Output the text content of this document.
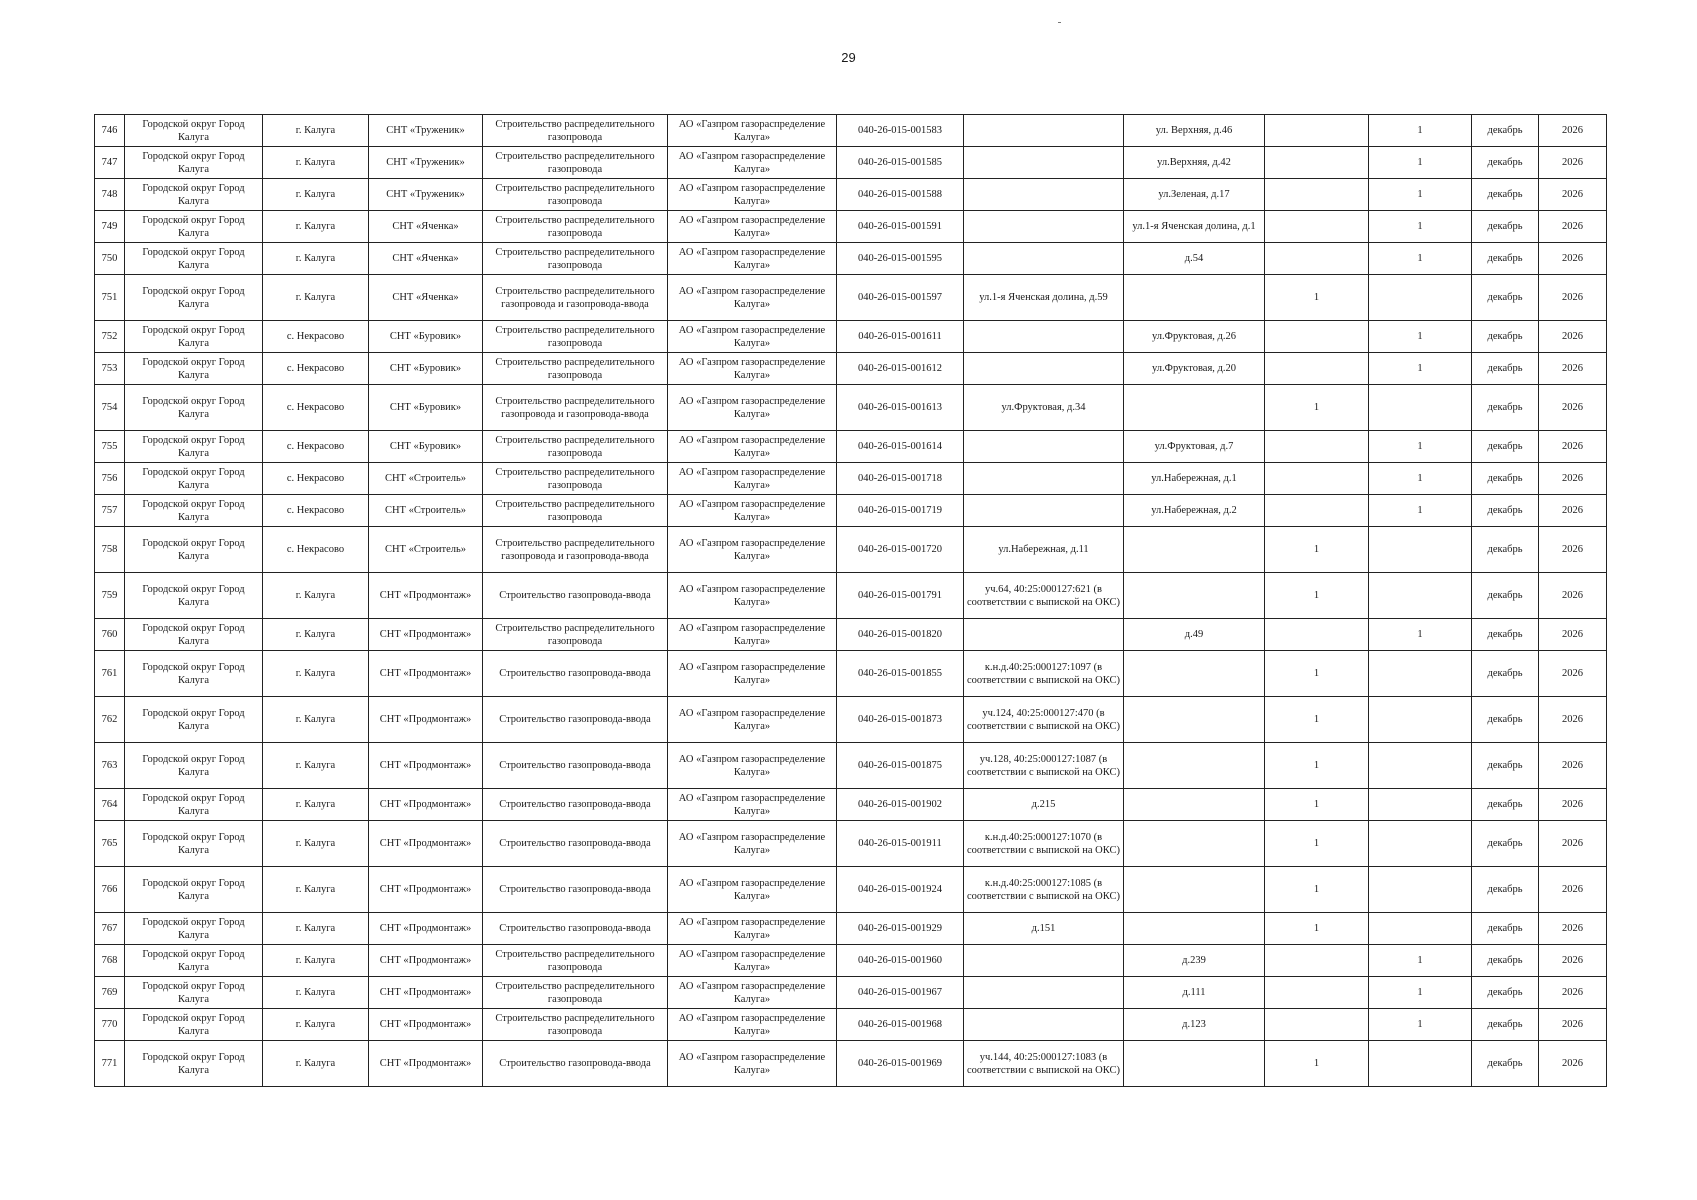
29
746	Городской округ Город Калуга	г. Калуга	СНТ «Труженик»	Строительство распределительного газопровода	АО «Газпром газораспределение Калуга»	040-26-015-001583		ул. Верхняя, д.46		1	декабрь	2026
747	Городской округ Город Калуга	г. Калуга	СНТ «Труженик»	Строительство распределительного газопровода	АО «Газпром газораспределение Калуга»	040-26-015-001585		ул.Верхняя, д.42		1	декабрь	2026
748	Городской округ Город Калуга	г. Калуга	СНТ «Труженик»	Строительство распределительного газопровода	АО «Газпром газораспределение Калуга»	040-26-015-001588		ул.Зеленая, д.17		1	декабрь	2026
749	Городской округ Город Калуга	г. Калуга	СНТ «Яченка»	Строительство распределительного газопровода	АО «Газпром газораспределение Калуга»	040-26-015-001591		ул.1-я Яченская долина, д.1		1	декабрь	2026
750	Городской округ Город Калуга	г. Калуга	СНТ «Яченка»	Строительство распределительного газопровода	АО «Газпром газораспределение Калуга»	040-26-015-001595		д.54		1	декабрь	2026
751	Городской округ Город Калуга	г. Калуга	СНТ «Яченка»	Строительство распределительного газопровода и газопровода-ввода	АО «Газпром газораспределение Калуга»	040-26-015-001597	ул.1-я Яченская долина, д.59		1		декабрь	2026
752	Городской округ Город Калуга	с. Некрасово	СНТ «Буровик»	Строительство распределительного газопровода	АО «Газпром газораспределение Калуга»	040-26-015-001611		ул.Фруктовая, д.26		1	декабрь	2026
753	Городской округ Город Калуга	с. Некрасово	СНТ «Буровик»	Строительство распределительного газопровода	АО «Газпром газораспределение Калуга»	040-26-015-001612		ул.Фруктовая, д.20		1	декабрь	2026
754	Городской округ Город Калуга	с. Некрасово	СНТ «Буровик»	Строительство распределительного газопровода и газопровода-ввода	АО «Газпром газораспределение Калуга»	040-26-015-001613	ул.Фруктовая, д.34		1		декабрь	2026
755	Городской округ Город Калуга	с. Некрасово	СНТ «Буровик»	Строительство распределительного газопровода	АО «Газпром газораспределение Калуга»	040-26-015-001614		ул.Фруктовая, д.7		1	декабрь	2026
756	Городской округ Город Калуга	с. Некрасово	СНТ «Строитель»	Строительство распределительного газопровода	АО «Газпром газораспределение Калуга»	040-26-015-001718		ул.Набережная, д.1		1	декабрь	2026
757	Городской округ Город Калуга	с. Некрасово	СНТ «Строитель»	Строительство распределительного газопровода	АО «Газпром газораспределение Калуга»	040-26-015-001719		ул.Набережная, д.2		1	декабрь	2026
758	Городской округ Город Калуга	с. Некрасово	СНТ «Строитель»	Строительство распределительного газопровода и газопровода-ввода	АО «Газпром газораспределение Калуга»	040-26-015-001720	ул.Набережная, д.11		1		декабрь	2026
759	Городской округ Город Калуга	г. Калуга	СНТ «Продмонтаж»	Строительство газопровода-ввода	АО «Газпром газораспределение Калуга»	040-26-015-001791	уч.64, 40:25:000127:621 (в соответствии с выпиской на ОКС)		1		декабрь	2026
760	Городской округ Город Калуга	г. Калуга	СНТ «Продмонтаж»	Строительство распределительного газопровода	АО «Газпром газораспределение Калуга»	040-26-015-001820		д.49		1	декабрь	2026
761	Городской округ Город Калуга	г. Калуга	СНТ «Продмонтаж»	Строительство газопровода-ввода	АО «Газпром газораспределение Калуга»	040-26-015-001855	к.н.д.40:25:000127:1097 (в соответствии с выпиской на ОКС)		1		декабрь	2026
762	Городской округ Город Калуга	г. Калуга	СНТ «Продмонтаж»	Строительство газопровода-ввода	АО «Газпром газораспределение Калуга»	040-26-015-001873	уч.124, 40:25:000127:470 (в соответствии с выпиской на ОКС)		1		декабрь	2026
763	Городской округ Город Калуга	г. Калуга	СНТ «Продмонтаж»	Строительство газопровода-ввода	АО «Газпром газораспределение Калуга»	040-26-015-001875	уч.128, 40:25:000127:1087 (в соответствии с выпиской на ОКС)		1		декабрь	2026
764	Городской округ Город Калуга	г. Калуга	СНТ «Продмонтаж»	Строительство газопровода-ввода	АО «Газпром газораспределение Калуга»	040-26-015-001902	д.215		1		декабрь	2026
765	Городской округ Город Калуга	г. Калуга	СНТ «Продмонтаж»	Строительство газопровода-ввода	АО «Газпром газораспределение Калуга»	040-26-015-001911	к.н.д.40:25:000127:1070 (в соответствии с выпиской на ОКС)		1		декабрь	2026
766	Городской округ Город Калуга	г. Калуга	СНТ «Продмонтаж»	Строительство газопровода-ввода	АО «Газпром газораспределение Калуга»	040-26-015-001924	к.н.д.40:25:000127:1085 (в соответствии с выпиской на ОКС)		1		декабрь	2026
767	Городской округ Город Калуга	г. Калуга	СНТ «Продмонтаж»	Строительство газопровода-ввода	АО «Газпром газораспределение Калуга»	040-26-015-001929	д.151		1		декабрь	2026
768	Городской округ Город Калуга	г. Калуга	СНТ «Продмонтаж»	Строительство распределительного газопровода	АО «Газпром газораспределение Калуга»	040-26-015-001960		д.239		1	декабрь	2026
769	Городской округ Город Калуга	г. Калуга	СНТ «Продмонтаж»	Строительство распределительного газопровода	АО «Газпром газораспределение Калуга»	040-26-015-001967		д.111		1	декабрь	2026
770	Городской округ Город Калуга	г. Калуга	СНТ «Продмонтаж»	Строительство распределительного газопровода	АО «Газпром газораспределение Калуга»	040-26-015-001968		д.123		1	декабрь	2026
771	Городской округ Город Калуга	г. Калуга	СНТ «Продмонтаж»	Строительство газопровода-ввода	АО «Газпром газораспределение Калуга»	040-26-015-001969	уч.144, 40:25:000127:1083 (в соответствии с выпиской на ОКС)		1		декабрь	2026
